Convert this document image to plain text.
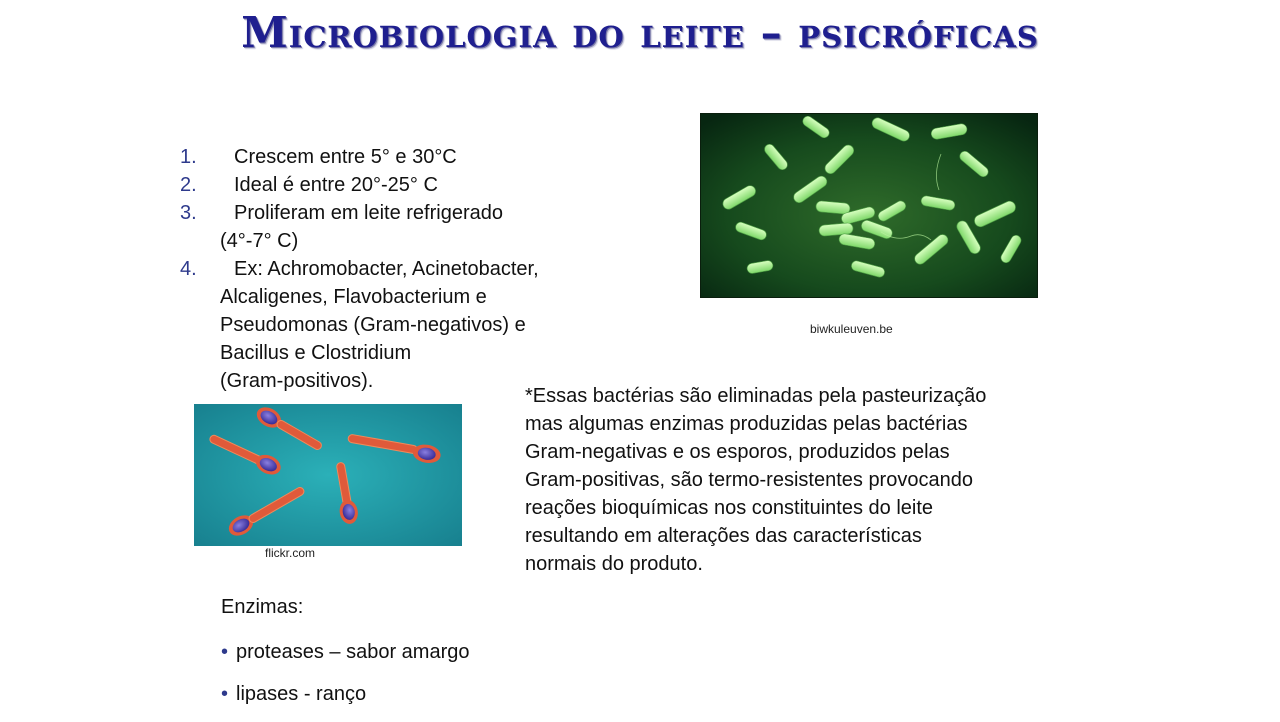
Microbiologia do leite – psicróficas
1.	Crescem entre 5° e 30°C
2.	Ideal é entre 20°-25° C
3.	Proliferam em leite refrigerado
(4°-7° C)
4.	Ex: Achromobacter, Acinetobacter,
Alcaligenes, Flavobacterium e
Pseudomonas (Gram-negativos) e
Bacillus e Clostridium
(Gram-positivos).
biwkuleuven.be
*Essas bactérias são eliminadas pela pasteurização
mas algumas enzimas produzidas pelas bactérias
Gram-negativas e os esporos, produzidos pelas
Gram-positivas, são termo-resistentes provocando
reações bioquímicas nos constituintes do leite
resultando em alterações das características
normais do produto.
flickr.com
Enzimas:
• proteases – sabor amargo
• lipases - ranço
